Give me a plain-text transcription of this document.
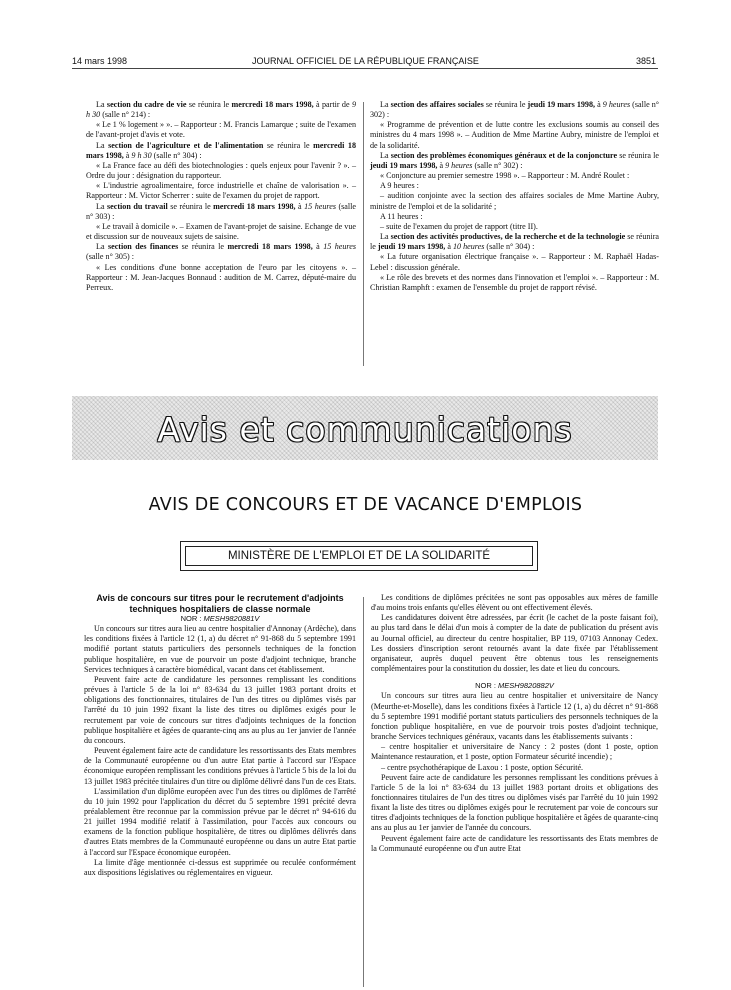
14 mars 1998	JOURNAL OFFICIEL DE LA RÉPUBLIQUE FRANÇAISE	3851

La section du cadre de vie se réunira le mercredi 18 mars 1998, à partir de 9 h 30 (salle n° 214) :

« Le 1 % logement » ». – Rapporteur : M. Francis Lamarque ; suite de l'examen de l'avant-projet d'avis et vote.

La section de l'agriculture et de l'alimentation se réunira le mercredi 18 mars 1998, à 9 h 30 (salle n° 304) :

« La France face au défi des biotechnologies : quels enjeux pour l'avenir ? ». – Ordre du jour : désignation du rapporteur.

« L'industrie agroalimentaire, force industrielle et chaîne de valorisation ». – Rapporteur : M. Victor Scherrer : suite de l'examen du projet de rapport.

La section du travail se réunira le mercredi 18 mars 1998, à 15 heures (salle n° 303) :

« Le travail à domicile ». – Examen de l'avant-projet de saisine. Echange de vue et discussion sur de nouveaux sujets de saisine.

La section des finances se réunira le mercredi 18 mars 1998, à 15 heures (salle n° 305) :

« Les conditions d'une bonne acceptation de l'euro par les citoyens ». – Rapporteur : M. Jean-Jacques Bonnaud : audition de M. Carrez, député-maire du Perreux.

La section des affaires sociales se réunira le jeudi 19 mars 1998, à 9 heures (salle n° 302) :

« Programme de prévention et de lutte contre les exclusions soumis au conseil des ministres du 4 mars 1998 ». – Audition de Mme Martine Aubry, ministre de l'emploi et de la solidarité.

La section des problèmes économiques généraux et de la conjoncture se réunira le jeudi 19 mars 1998, à 9 heures (salle n° 302) :

« Conjoncture au premier semestre 1998 ». – Rapporteur : M. André Roulet :

A 9 heures :

– audition conjointe avec la section des affaires sociales de Mme Martine Aubry, ministre de l'emploi et de la solidarité ;

A 11 heures :

– suite de l'examen du projet de rapport (titre II).

La section des activités productives, de la recherche et de la technologie se réunira le jeudi 19 mars 1998, à 10 heures (salle n° 304) :

« La future organisation électrique française ». – Rapporteur : M. Raphaël Hadas-Lebel : discussion générale.

« Le rôle des brevets et des normes dans l'innovation et l'emploi ». – Rapporteur : M. Christian Ramphft : examen de l'ensemble du projet de rapport révisé.

Avis et communications
AVIS DE CONCOURS ET DE VACANCE D'EMPLOIS
MINISTÈRE DE L'EMPLOI ET DE LA SOLIDARITÉ

Avis de concours sur titres pour le recrutement d'adjoints techniques hospitaliers de classe normale

NOR : MESH9820881V

Un concours sur titres aura lieu au centre hospitalier d'Annonay (Ardèche), dans les conditions fixées à l'article 12 (1, a) du décret n° 91-868 du 5 septembre 1991 modifié portant statuts particuliers des personnels techniques de la fonction publique hospitalière, en vue de pourvoir un poste d'adjoint technique, branche Services techniques à caractère biomédical, vacant dans cet établissement.

Peuvent faire acte de candidature les personnes remplissant les conditions prévues à l'article 5 de la loi n° 83-634 du 13 juillet 1983 portant droits et obligations des fonctionnaires, titulaires de l'un des titres ou diplômes visés par l'arrêté du 10 juin 1992 fixant la liste des titres ou diplômes exigés pour le recrutement par voie de concours sur titres d'adjoints techniques de la fonction publique hospitalière et âgées de quarante-cinq ans au plus au 1er janvier de l'année du concours.

Peuvent également faire acte de candidature les ressortissants des Etats membres de la Communauté européenne ou d'un autre Etat partie à l'accord sur l'Espace économique européen remplissant les conditions prévues à l'article 5 bis de la loi du 13 juillet 1983 précitée titulaires d'un titre ou diplôme délivré dans l'un de ces Etats.

L'assimilation d'un diplôme européen avec l'un des titres ou diplômes de l'arrêté du 10 juin 1992 pour l'application du décret du 5 septembre 1991 précité devra préalablement être reconnue par la commission prévue par le décret n° 94-616 du 21 juillet 1994 modifié relatif à l'assimilation, pour l'accès aux concours ou examens de la fonction publique hospitalière, de titres ou diplômes délivrés dans d'autres Etats membres de la Communauté européenne ou dans un autre Etat partie à l'accord sur l'Espace économique européen.

La limite d'âge mentionnée ci-dessus est supprimée ou reculée conformément aux dispositions législatives ou réglementaires en vigueur.

Les conditions de diplômes précitées ne sont pas opposables aux mères de famille d'au moins trois enfants qu'elles élèvent ou ont effectivement élevés.

Les candidatures doivent être adressées, par écrit (le cachet de la poste faisant foi), au plus tard dans le délai d'un mois à compter de la date de publication du présent avis au Journal officiel, au directeur du centre hospitalier, BP 119, 07103 Annonay Cedex. Les dossiers d'inscription seront retournés avant la date fixée par l'établissement organisateur, auprès duquel peuvent être obtenus tous les renseignements complémentaires pour la constitution du dossier, les date et lieu du concours.

NOR : MESH9820882V

Un concours sur titres aura lieu au centre hospitalier et universitaire de Nancy (Meurthe-et-Moselle), dans les conditions fixées à l'article 12 (1, a) du décret n° 91-868 du 5 septembre 1991 modifié portant statuts particuliers des personnels techniques de la fonction publique hospitalière, en vue de pourvoir trois postes d'adjoint technique, branche Services techniques généraux, vacants dans les établissements suivants :

– centre hospitalier et universitaire de Nancy : 2 postes (dont 1 poste, option Maintenance restauration, et 1 poste, option Formateur sécurité incendie) ;

– centre psychothérapique de Laxou : 1 poste, option Sécurité.

Peuvent faire acte de candidature les personnes remplissant les conditions prévues à l'article 5 de la loi n° 83-634 du 13 juillet 1983 portant droits et obligations des fonctionnaires titulaires de l'un des titres ou diplômes visés par l'arrêté du 10 juin 1992 fixant la liste des titres ou diplômes exigés pour le recrutement par voie de concours sur titres d'adjoints techniques de la fonction publique hospitalière et âgées de quarante-cinq ans au plus au 1er janvier de l'année du concours.

Peuvent également faire acte de candidature les ressortissants des Etats membres de la Communauté européenne ou d'un autre Etat
